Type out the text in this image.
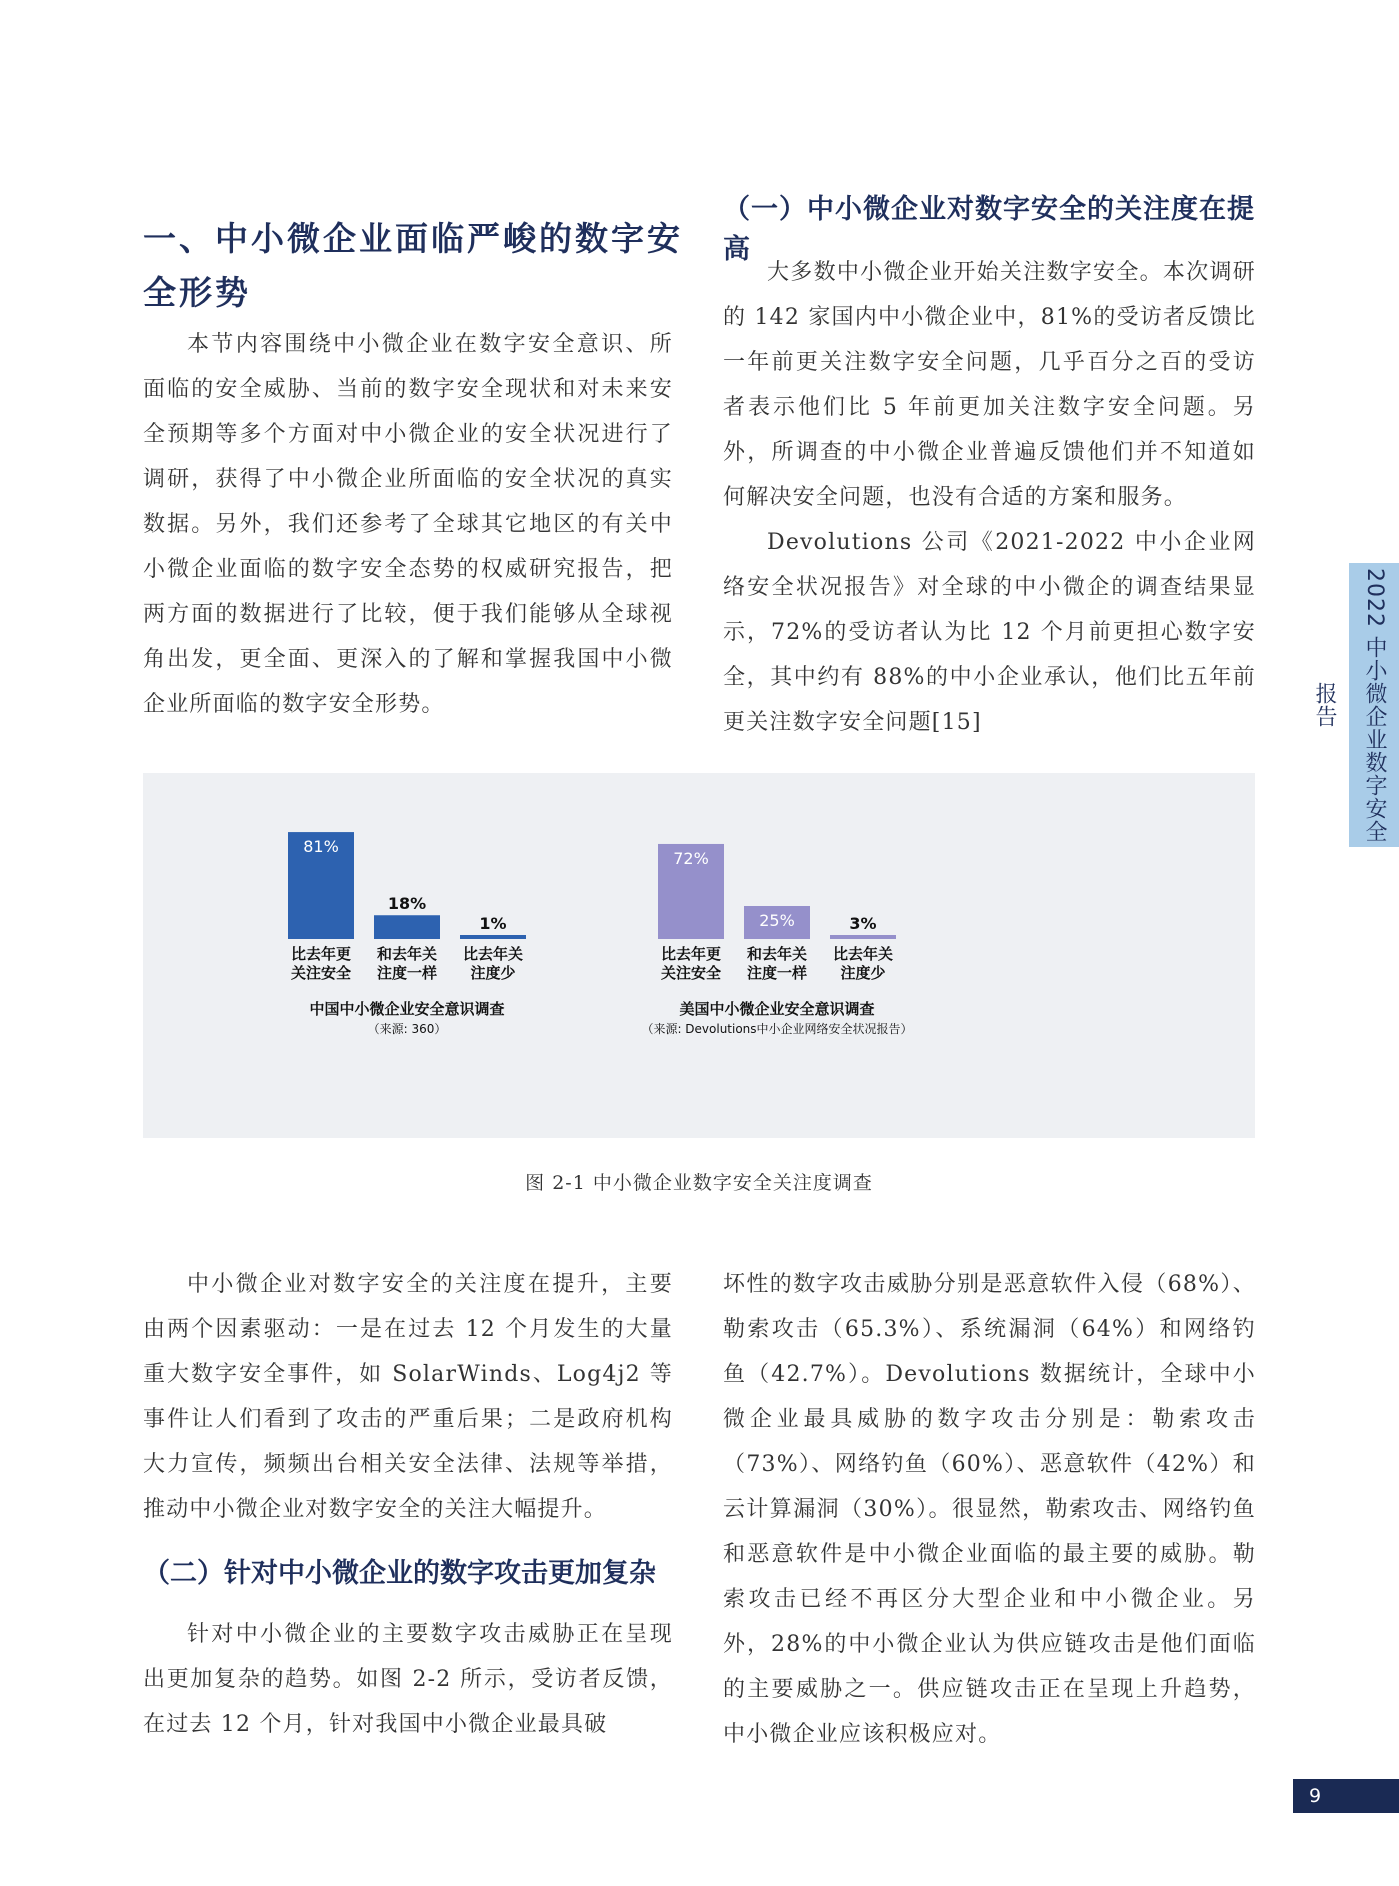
一、中小微企业面临严峻的数字安全形势

本节内容围绕中小微企业在数字安全意识、所面临的安全威胁、当前的数字安全现状和对未来安全预期等多个方面对中小微企业的安全状况进行了调研，获得了中小微企业所面临的安全状况的真实数据。另外，我们还参考了全球其它地区的有关中小微企业面临的数字安全态势的权威研究报告，把两方面的数据进行了比较，便于我们能够从全球视角出发，更全面、更深入的了解和掌握我国中小微企业所面临的数字安全形势。

（一）中小微企业对数字安全的关注度在提高

大多数中小微企业开始关注数字安全。本次调研的 142 家国内中小微企业中，81%的受访者反馈比一年前更关注数字安全问题，几乎百分之百的受访者表示他们比 5 年前更加关注数字安全问题。另外，所调查的中小微企业普遍反馈他们并不知道如何解决安全问题，也没有合适的方案和服务。

Devolutions 公司《2021-2022 中小企业网络安全状况报告》对全球的中小微企的调查结果显示，72%的受访者认为比 12 个月前更担心数字安全，其中约有 88%的中小企业承认，他们比五年前更关注数字安全问题[15]	2022 中小微企业数字安全报告
81%
比去年更
关注安全
18%
和去年关
注度一样
1%
比去年关
注度少
中国中小微企业安全意识调查
（来源: 360）
72%
比去年更
关注安全
25%
和去年关
注度一样
3%
比去年关
注度少
美国中小微企业安全意识调查
（来源: Devolutions中小企业网络安全状况报告）
图 2-1 中小微企业数字安全关注度调查

中小微企业对数字安全的关注度在提升，主要由两个因素驱动：一是在过去 12 个月发生的大量重大数字安全事件，如 SolarWinds、Log4j2 等事件让人们看到了攻击的严重后果；二是政府机构大力宣传，频频出台相关安全法律、法规等举措，推动中小微企业对数字安全的关注大幅提升。

（二）针对中小微企业的数字攻击更加复杂

针对中小微企业的主要数字攻击威胁正在呈现出更加复杂的趋势。如图 2-2 所示，受访者反馈，在过去 12 个月，针对我国中小微企业最具破

坏性的数字攻击威胁分别是恶意软件入侵（68%）、勒索攻击（65.3%）、系统漏洞（64%）和网络钓鱼（42.7%）。Devolutions 数据统计，全球中小微企业最具威胁的数字攻击分别是：勒索攻击（73%）、网络钓鱼（60%）、恶意软件（42%）和云计算漏洞（30%）。很显然，勒索攻击、网络钓鱼和恶意软件是中小微企业面临的最主要的威胁。勒索攻击已经不再区分大型企业和中小微企业。另外，28%的中小微企业认为供应链攻击是他们面临的主要威胁之一。供应链攻击正在呈现上升趋势，中小微企业应该积极应对。

9
